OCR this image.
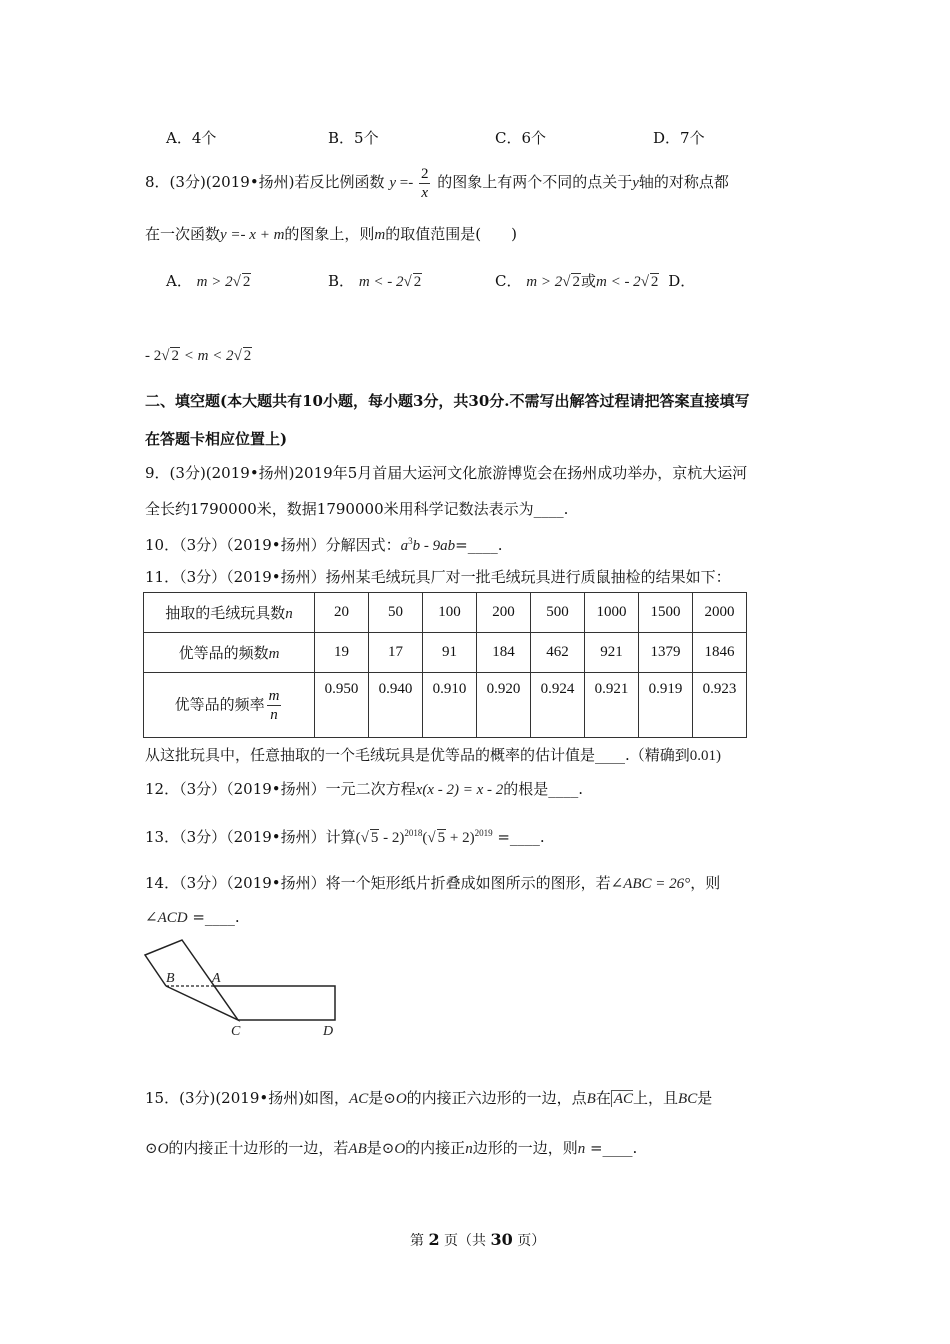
A．4个	B．5个	C．6个	D．7个
8．(3分)(2019•扬州)若反比例函数 $y =- \frac{2}{x}$ 的图象上有两个不同的点关于y轴的对称点都
在一次函数y =- x + m的图象上，则m的取值范围是(　　)
A． m > 2√ 2	B． m < - 2√ 2	C． m > 2√ 2或m < - 2√ 2 D．
- 2√ 2 < m < 2√ 2
二、填空题(本大题共有10小题，每小题3分，共30分.不需写出解答过程请把答案直接填写
在答题卡相应位置上)
9．(3分)(2019•扬州)2019年5月首届大运河文化旅游博览会在扬州成功举办，京杭大运河
全长约1790000米，数据1790000米用科学记数法表示为____.
10．（3分）（2019•扬州）分解因式：$a^3b$ - 9ab=____.
11．（3分）（2019•扬州）扬州某毛绒玩具厂对一批毛绒玩具进行质鼠抽检的结果如下：
抽取的毛绒玩具数n	20	50	100	200	500	1000	1500	2000
优等品的频数m	19	17	91	184	462	921	1379	1846
优等品的频率 $\frac{m}{n}$	0.950	0.940	0.910	0.920	0.924	0.921	0.919	0.923
从这批玩具中，任意抽取的一个毛绒玩具是优等品的概率的估计值是____.（精确到0.01)
12．（3分）（2019•扬州）一元二次方程x(x - 2) = x - 2的根是____.
13．（3分）（2019•扬州）计算(√ 5 - 2)$^{2018}$(√ 5 + 2)$^{2019}$ =____.
14．（3分）（2019•扬州）将一个矩形纸片折叠成如图所示的图形，若∠ABC = 26°，则
∠ACD =____.
B	A
C	D
15．(3分)(2019•扬州)如图，AC是⊙O的内接正六边形的一边，点B在 AC上，且BC是
⊙O的内接正十边形的一边，若AB是⊙O的内接正n边形的一边，则n =____.
第 2 页（共 30 页）
